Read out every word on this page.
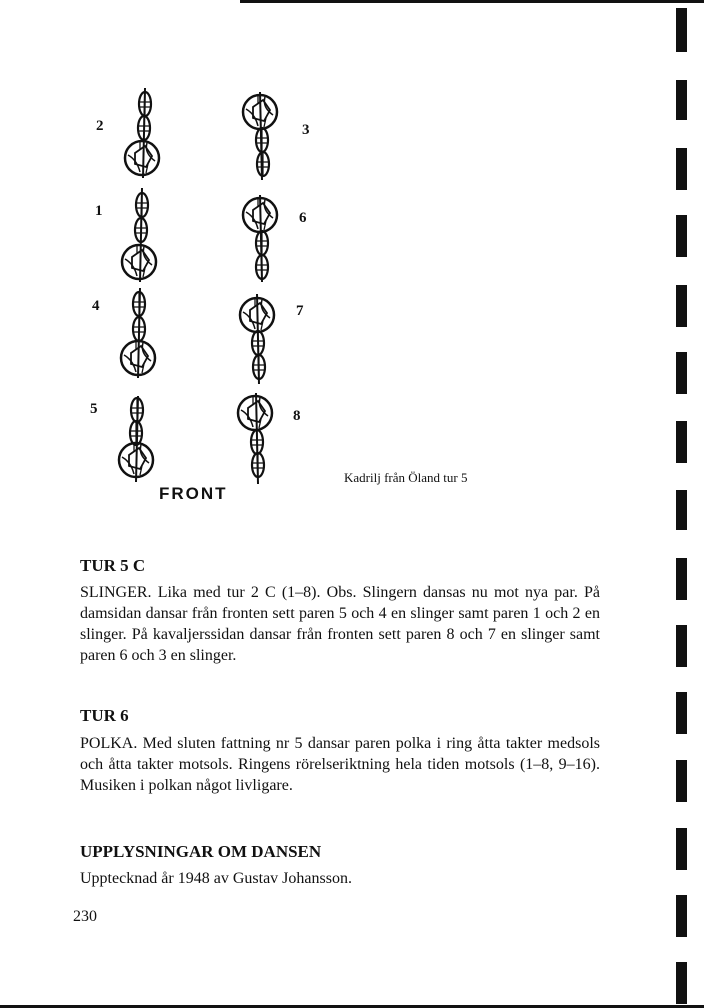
2
1
4
5
3
6
7
8
FRONT
Kadrilj från Öland tur 5
TUR 5 C
SLINGER. Lika med tur 2 C (1–8). Obs. Slingern dansas nu mot nya par. På damsidan dansar från fronten sett paren 5 och 4 en slinger samt paren 1 och 2 en slinger. På kavaljerssidan dansar från fronten sett paren 8 och 7 en slinger samt paren 6 och 3 en slinger.
TUR 6
POLKA. Med sluten fattning nr 5 dansar paren polka i ring åtta takter medsols och åtta takter motsols. Ringens rörelseriktning hela tiden motsols (1–8, 9–16). Musiken i polkan något livligare.
UPPLYSNINGAR OM DANSEN
Upptecknad år 1948 av Gustav Johansson.
230
